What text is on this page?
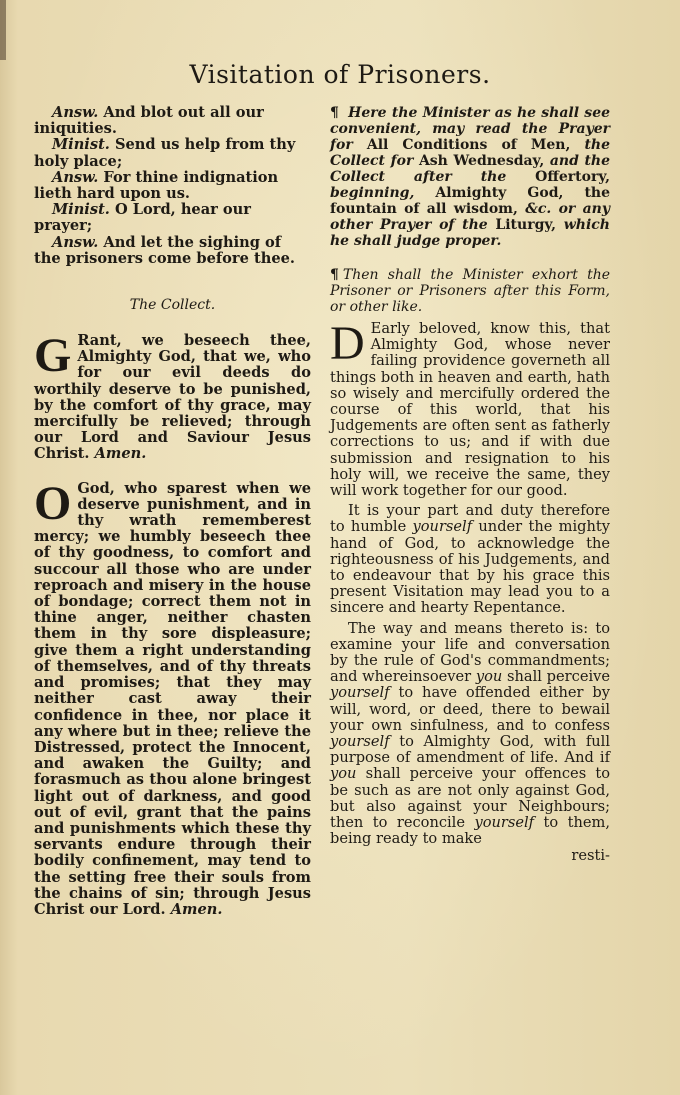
Visitation of Prisoners.

Answ. And blot out all our iniquities.

Minist. Send us help from thy holy place;

Answ. For thine indignation lieth hard upon us.

Minist. O Lord, hear our prayer;

Answ. And let the sighing of the prisoners come before thee.

The Collect.

G Rant, we beseech thee, Almighty God, that we, who for our evil deeds do worthily deserve to be punished, by the comfort of thy grace, may mercifully be relieved; through our Lord and Saviour Jesus Christ. Amen.

O God, who sparest when we deserve punishment, and in thy wrath rememberest mercy; we humbly beseech thee of thy goodness, to comfort and succour all those who are under reproach and misery in the house of bondage; correct them not in thine anger, neither chasten them in thy sore displeasure; give them a right understanding of themselves, and of thy threats and promises; that they may neither cast away their confidence in thee, nor place it any where but in thee; relieve the Distressed, protect the Innocent, and awaken the Guilty; and forasmuch as thou alone bringest light out of darkness, and good out of evil, grant that the pains and punishments which these thy servants endure through their bodily confinement, may tend to the setting free their souls from the chains of sin; through Jesus Christ our Lord. Amen.

¶ Here the Minister as he shall see convenient, may read the Prayer for All Conditions of Men, the Collect for Ash Wednesday, and the Collect after the Offertory, beginning, Almighty God, the fountain of all wisdom, &c. or any other Prayer of the Liturgy, which he shall judge proper.

¶ Then shall the Minister exhort the Prisoner or Prisoners after this Form, or other like.

D Early beloved, know this, that Almighty God, whose never failing providence governeth all things both in heaven and earth, hath so wisely and mercifully ordered the course of this world, that his Judgements are often sent as fatherly corrections to us; and if with due submission and resignation to his holy will, we receive the same, they will work together for our good.

It is your part and duty therefore to humble yourself under the mighty hand of God, to acknowledge the righteousness of his Judgements, and to endeavour that by his grace this present Visitation may lead you to a sincere and hearty Repentance.

The way and means thereto is: to examine your life and conversation by the rule of God's commandments; and whereinsoever you shall perceive yourself to have offended either by will, word, or deed, there to bewail your own sinfulness, and to confess yourself to Almighty God, with full purpose of amendment of life. And if you shall perceive your offences to be such as are not only against God, but also against your Neighbours; then to reconcile yourself to them, being ready to make

resti-
